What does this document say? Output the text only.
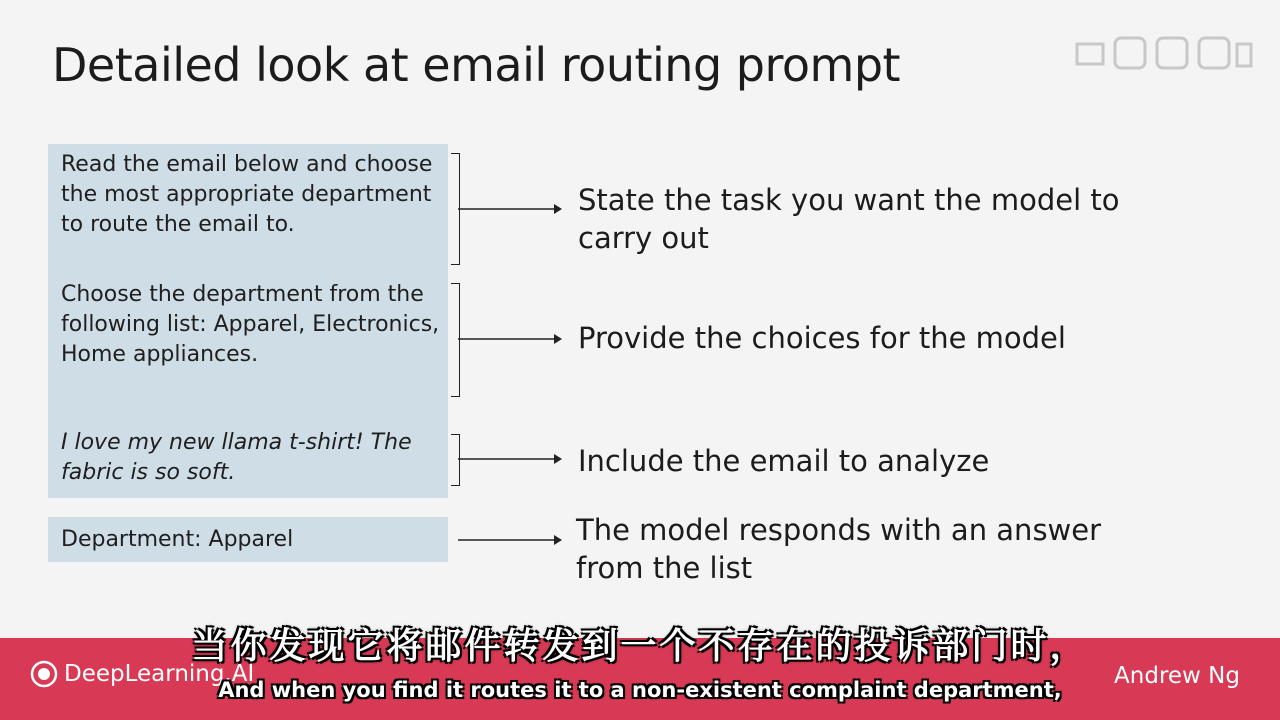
Detailed look at email routing prompt
Read the email below and choose the most appropriate department to route the email to.
Choose the department from the following list: Apparel, Electronics, Home appliances.
I love my new llama t-shirt! The fabric is so soft.
Department: Apparel
State the task you want the model to carry out
Provide the choices for the model
Include the email to analyze
The model responds with an answer from the list
DeepLearning.AI	Andrew Ng
当你发现它将邮件转发到一个不存在的投诉部门时，
And when you find it routes it to a non-existent complaint department,
